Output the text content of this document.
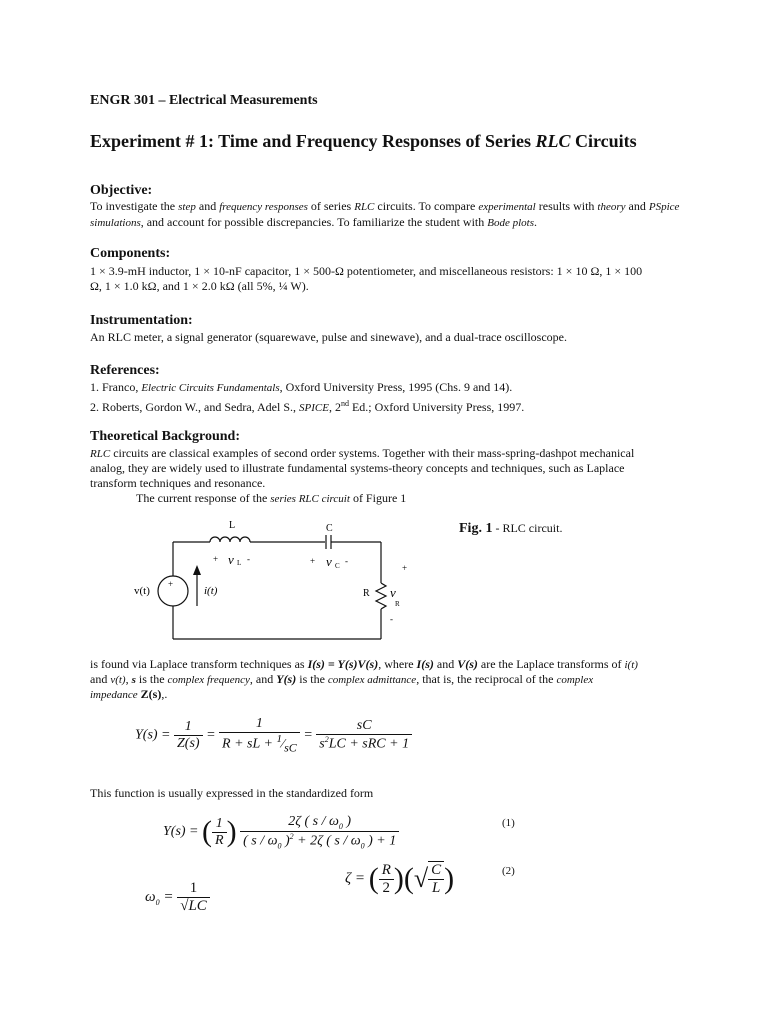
ENGR 301 – Electrical Measurements
Experiment # 1: Time and Frequency Responses of Series RLC Circuits
Objective:
To investigate the step and frequency responses of series RLC circuits. To compare experimental results with theory and PSpice simulations, and account for possible discrepancies. To familiarize the student with Bode plots.
Components:
1 × 3.9-mH inductor, 1 × 10-nF capacitor, 1 × 500-Ω potentiometer, and miscellaneous resistors: 1 × 10 Ω, 1 × 100
Ω, 1 × 1.0 kΩ, and 1 × 2.0 kΩ (all 5%, ¼ W).
Instrumentation:
An RLC meter, a signal generator (squarewave, pulse and sinewave), and a dual-trace oscilloscope.
References:
1. Franco, Electric Circuits Fundamentals, Oxford University Press, 1995 (Chs. 9 and 14).
2. Roberts, Gordon W., and Sedra, Adel S., SPICE, 2nd Ed.; Oxford University Press, 1997.
Theoretical Background:
RLC circuits are classical examples of second order systems. Together with their mass-spring-dashpot mechanical
analog, they are widely used to illustrate fundamental systems-theory concepts and techniques, such as Laplace
transform techniques and resonance.
The current response of the series RLC circuit of Figure 1
Fig. 1 - RLC circuit.
L	C
+ v L -	+ v C -
+
R v
R
-
v(t)
+
i(t)
is found via Laplace transform techniques as I(s) = Y(s)V(s), where I(s) and V(s) are the Laplace transforms of i(t)
and v(t), s is the complex frequency, and Y(s) is the complex admittance, that is, the reciprocal of the complex
impedance Z(s),.
$Y(s) = \frac{1}{Z(s)} = \frac{1}{R + sL + ^1⁄sC} = \frac{sC}{s^2LC + sRC + 1}$
This function is usually expressed in the standardized form
(1)
Y(s) = ( $\frac{1}{R}$ ) $\frac{2\zeta ( s / \omega_0 )}{( s / \omega_0 )^2 + 2\zeta ( s / \omega_0 ) + 1}$
(2)
$\omega_0 = \frac{1}{√LC}$
ζ = ( $\frac{R}{2}$ )(√ $\frac{C}{L}$ )
